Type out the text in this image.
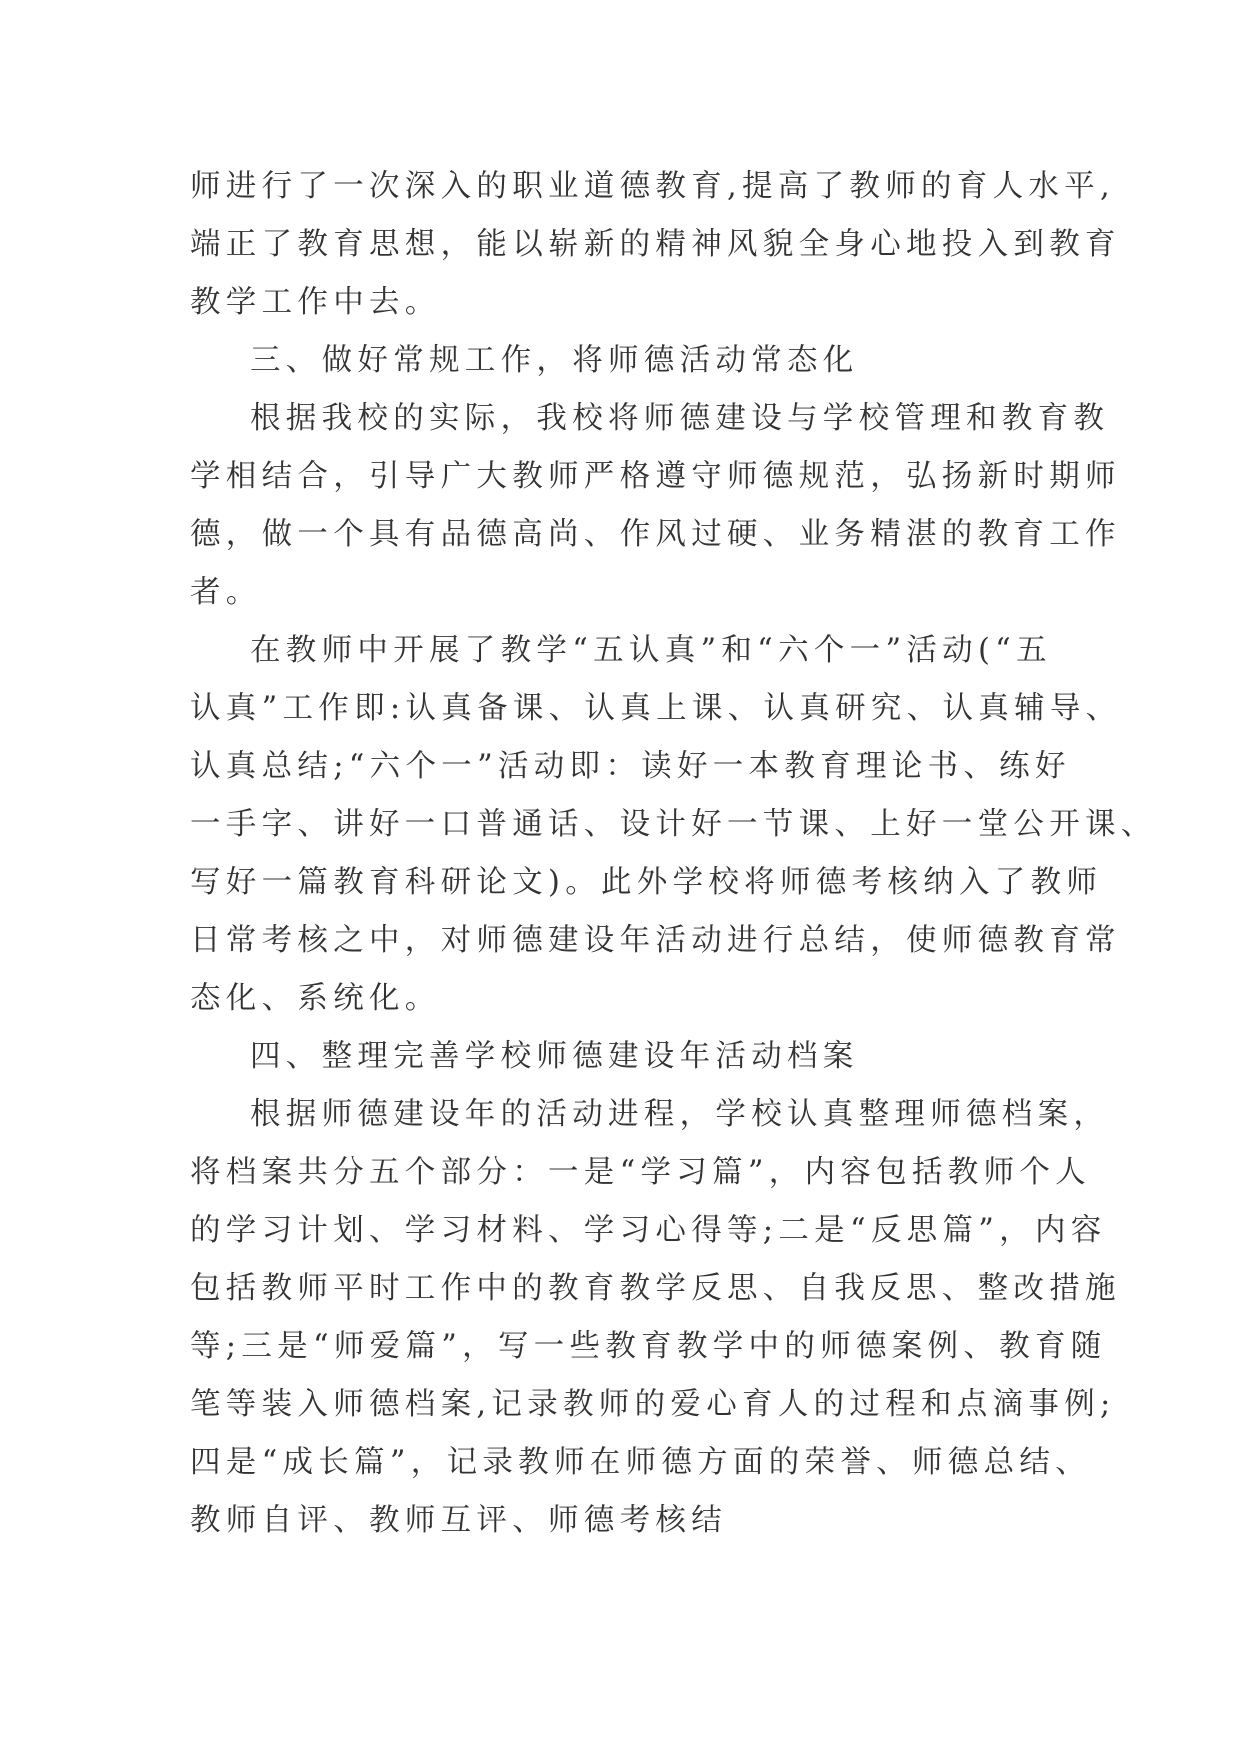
师进行了一次深入的职业道德教育,提高了教师的育人水平,
端正了教育思想，能以崭新的精神风貌全身心地投入到教育
教学工作中去。
三、做好常规工作，将师德活动常态化
根据我校的实际，我校将师德建设与学校管理和教育教
学相结合，引导广大教师严格遵守师德规范，弘扬新时期师
德，做一个具有品德高尚、作风过硬、业务精湛的教育工作
者。
在教师中开展了教学“五认真”和“六个一”活动(“五
认真”工作即:认真备课、认真上课、认真研究、认真辅导、
认真总结;“六个一”活动即：读好一本教育理论书、练好
一手字、讲好一口普通话、设计好一节课、上好一堂公开课、
写好一篇教育科研论文)。此外学校将师德考核纳入了教师
日常考核之中，对师德建设年活动进行总结，使师德教育常
态化、系统化。
四、整理完善学校师德建设年活动档案
根据师德建设年的活动进程，学校认真整理师德档案，
将档案共分五个部分：一是“学习篇”，内容包括教师个人
的学习计划、学习材料、学习心得等;二是“反思篇”，内容
包括教师平时工作中的教育教学反思、自我反思、整改措施
等;三是“师爱篇”，写一些教育教学中的师德案例、教育随
笔等装入师德档案,记录教师的爱心育人的过程和点滴事例;
四是“成长篇”，记录教师在师德方面的荣誉、师德总结、
教师自评、教师互评、师德考核结
